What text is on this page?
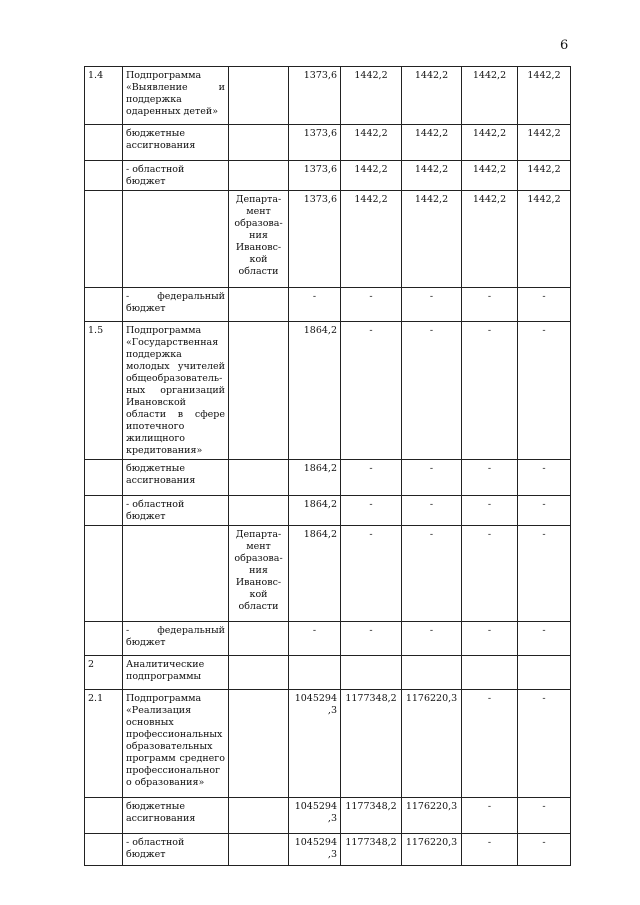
6
1.4	Подпрограмма «Выявление и поддержка одаренных детей»		1373,6	1442,2	1442,2	1442,2	1442,2
	бюджетные ассигнования		1373,6	1442,2	1442,2	1442,2	1442,2
	- областной бюджет		1373,6	1442,2	1442,2	1442,2	1442,2
		Департа-мент образова-ния Ивановс-кой области	1373,6	1442,2	1442,2	1442,2	1442,2
	- федеральный бюджет		-	-	-	-	-
1.5	Подпрограмма «Государственная поддержка молодых учителей общеобразователь-ных организаций Ивановской области в сфере ипотечного жилищного кредитования»		1864,2	-	-	-	-
	бюджетные ассигнования		1864,2	-	-	-	-
	- областной бюджет		1864,2	-	-	-	-
		Департа-мент образова-ния Ивановс-кой области	1864,2	-	-	-	-
	- федеральный бюджет		-	-	-	-	-
2	Аналитические подпрограммы						
2.1	Подпрограмма «Реализация основных профессиональных образовательных программ среднего профессионального образования»		1045294,3	1177348,2	1176220,3	-	-
	бюджетные ассигнования		1045294,3	1177348,2	1176220,3	-	-
	- областной бюджет		1045294,3	1177348,2	1176220,3	-	-
